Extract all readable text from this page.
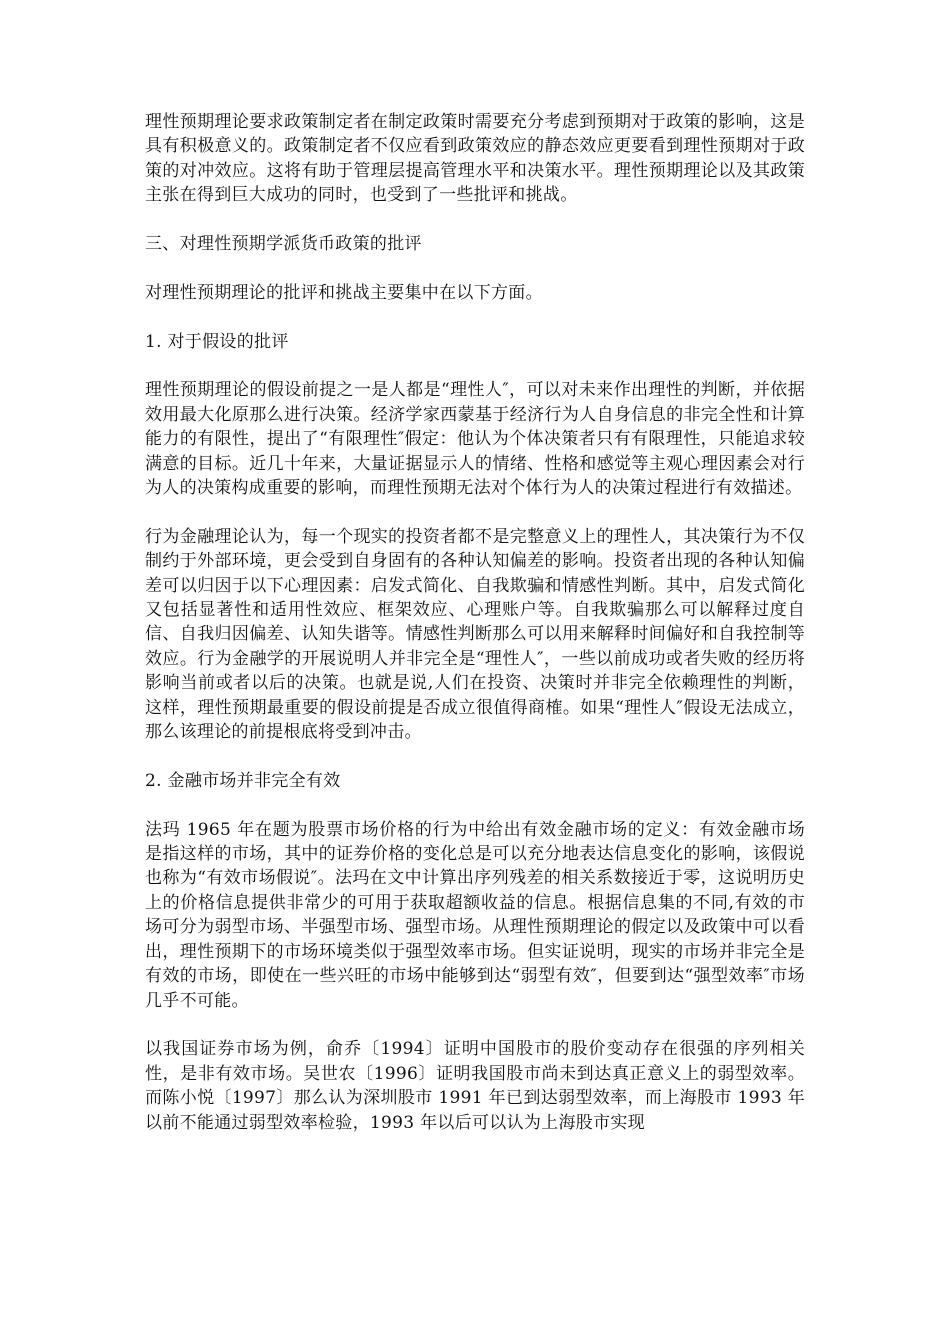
理性预期理论要求政策制定者在制定政策时需要充分考虑到预期对于政策的影响，这是具有积极意义的。政策制定者不仅应看到政策效应的静态效应更要看到理性预期对于政策的对冲效应。这将有助于管理层提高管理水平和决策水平。理性预期理论以及其政策主张在得到巨大成功的同时，也受到了一些批评和挑战。

三、对理性预期学派货币政策的批评

对理性预期理论的批评和挑战主要集中在以下方面。

1. 对于假设的批评

理性预期理论的假设前提之一是人都是“理性人″，可以对未来作出理性的判断，并依据效用最大化原那么进行决策。经济学家西蒙基于经济行为人自身信息的非完全性和计算能力的有限性，提出了“有限理性″假定：他认为个体决策者只有有限理性，只能追求较满意的目标。近几十年来，大量证据显示人的情绪、性格和感觉等主观心理因素会对行为人的决策构成重要的影响，而理性预期无法对个体行为人的决策过程进行有效描述。

行为金融理论认为，每一个现实的投资者都不是完整意义上的理性人，其决策行为不仅制约于外部环境，更会受到自身固有的各种认知偏差的影响。投资者出现的各种认知偏差可以归因于以下心理因素：启发式简化、自我欺骗和情感性判断。其中，启发式简化又包括显著性和适用性效应、框架效应、心理账户等。自我欺骗那么可以解释过度自信、自我归因偏差、认知失谐等。情感性判断那么可以用来解释时间偏好和自我控制等效应。行为金融学的开展说明人并非完全是“理性人″，一些以前成功或者失败的经历将影响当前或者以后的决策。也就是说,人们在投资、决策时并非完全依赖理性的判断，这样，理性预期最重要的假设前提是否成立很值得商榷。如果“理性人″假设无法成立，那么该理论的前提根底将受到冲击。

2. 金融市场并非完全有效

法玛 1965 年在题为股票市场价格的行为中给出有效金融市场的定义：有效金融市场是指这样的市场，其中的证券价格的变化总是可以充分地表达信息变化的影响，该假说也称为“有效市场假说″。法玛在文中计算出序列残差的相关系数接近于零，这说明历史上的价格信息提供非常少的可用于获取超额收益的信息。根据信息集的不同,有效的市场可分为弱型市场、半强型市场、强型市场。从理性预期理论的假定以及政策中可以看出，理性预期下的市场环境类似于强型效率市场。但实证说明，现实的市场并非完全是有效的市场，即使在一些兴旺的市场中能够到达“弱型有效″，但要到达“强型效率″市场几乎不可能。

以我国证券市场为例，俞乔〔1994〕证明中国股市的股价变动存在很强的序列相关性，是非有效市场。吴世农〔1996〕证明我国股市尚未到达真正意义上的弱型效率。而陈小悦〔1997〕那么认为深圳股市 1991 年已到达弱型效率，而上海股市 1993 年以前不能通过弱型效率检验，1993 年以后可以认为上海股市实现
